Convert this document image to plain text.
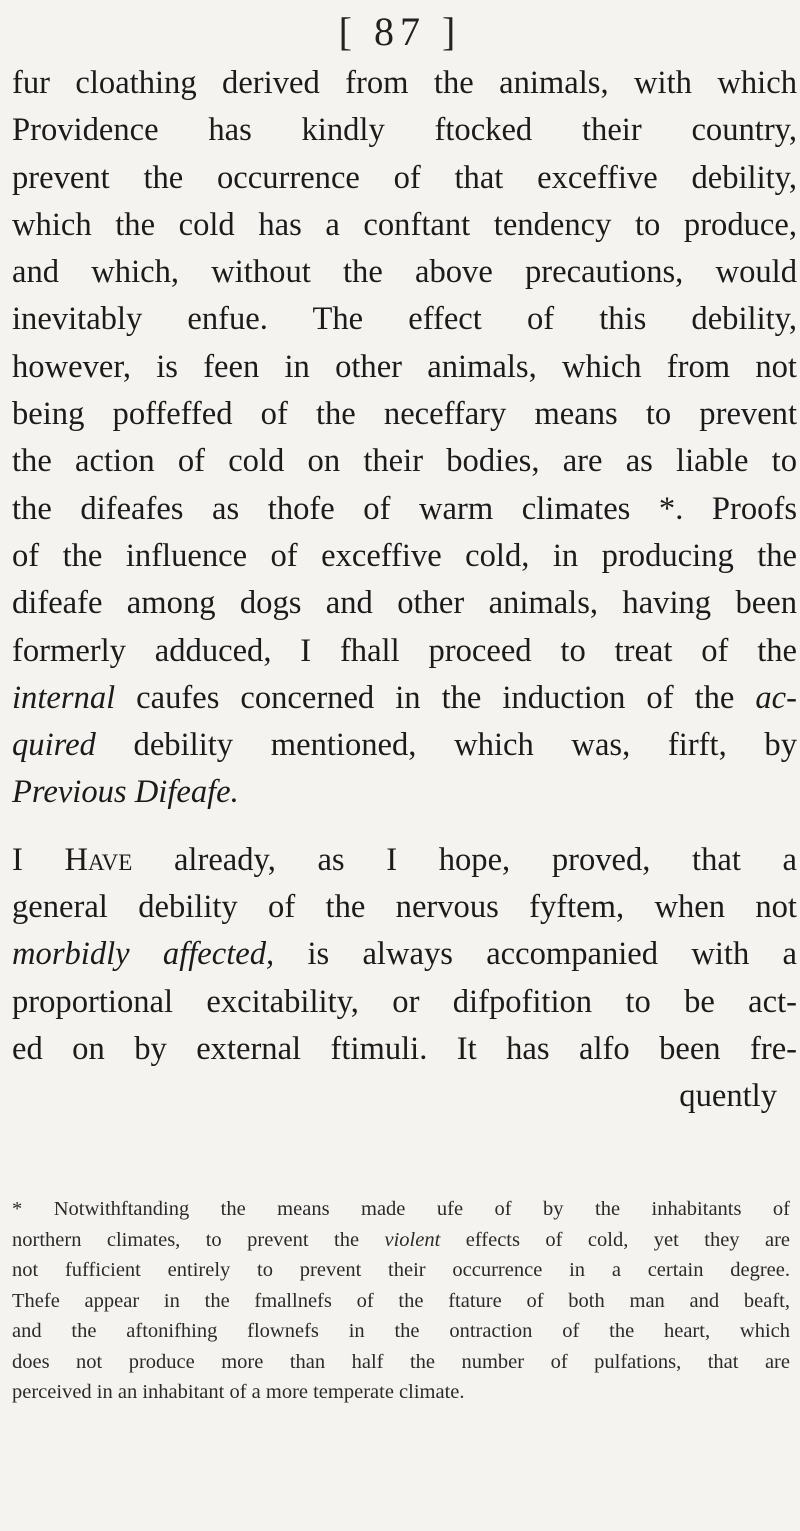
[ 87 ]
fur cloathing derived from the animals, with which
Providence has kindly ftocked their country,
prevent the occurrence of that exceffive debility,
which the cold has a conftant tendency to produce,
and which, without the above precautions, would
inevitably enfue. The effect of this debility,
however, is feen in other animals, which from not
being poffeffed of the neceffary means to prevent
the action of cold on their bodies, are as liable to
the difeafes as thofe of warm climates *. Proofs
of the influence of exceffive cold, in producing the
difeafe among dogs and other animals, having been
formerly adduced, I fhall proceed to treat of the
internal caufes concerned in the induction of the ac-
quired debility mentioned, which was, firft, by
Previous Difeafe.
I Have already, as I hope, proved, that a
general debility of the nervous fyftem, when not
morbidly affected, is always accompanied with a
proportional excitability, or difpofition to be act-
ed on by external ftimuli. It has alfo been fre-
quently
* Notwithftanding the means made ufe of by the inhabitants of
northern climates, to prevent the violent effects of cold, yet they are
not fufficient entirely to prevent their occurrence in a certain degree.
Thefe appear in the fmallnefs of the ftature of both man and beaft,
and the aftonifhing flownefs in the ontraction of the heart, which
does not produce more than half the number of pulfations, that are
perceived in an inhabitant of a more temperate climate.
